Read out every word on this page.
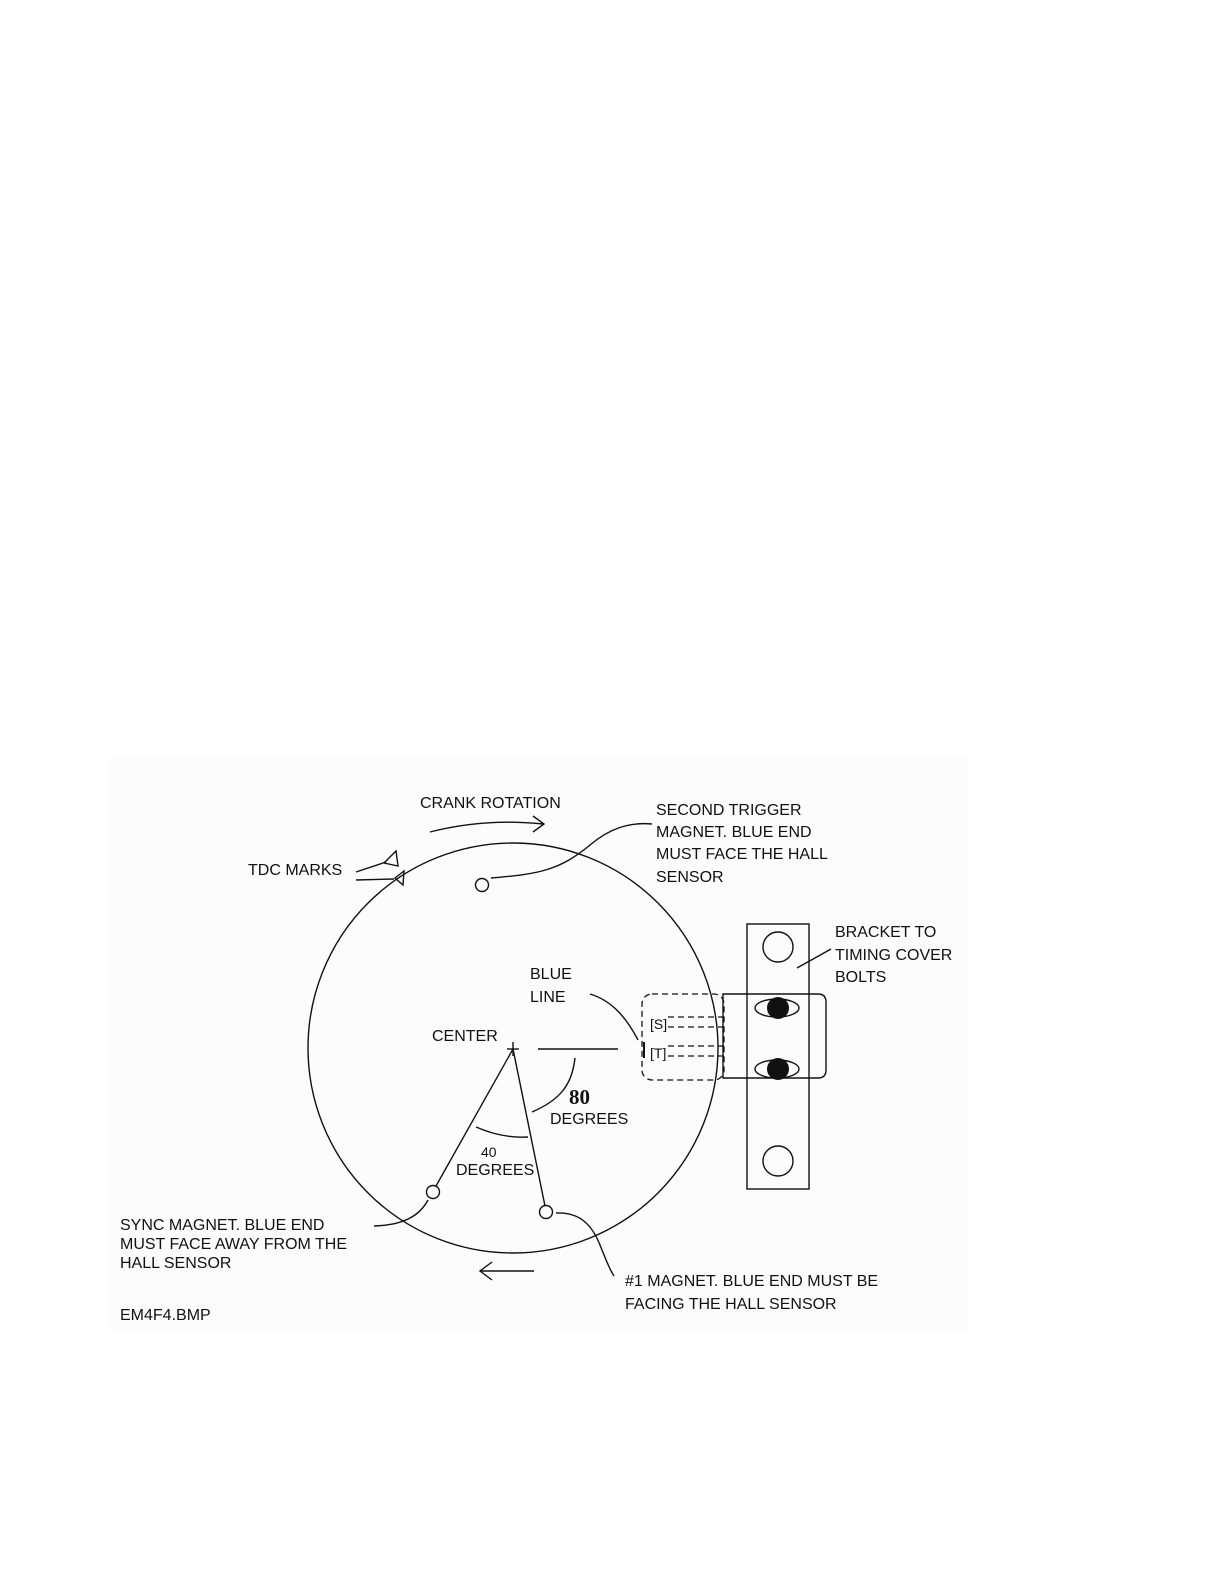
CRANK ROTATION
TDC MARKS
SECOND TRIGGER
MAGNET. BLUE END
MUST FACE THE HALL
SENSOR
BRACKET TO
TIMING COVER
BOLTS
[S]
[T]
BLUE
LINE
CENTER
80
DEGREES
40
DEGREES
SYNC MAGNET. BLUE END
MUST FACE AWAY FROM THE
HALL SENSOR
#1 MAGNET. BLUE END MUST BE
FACING THE HALL SENSOR
EM4F4.BMP
